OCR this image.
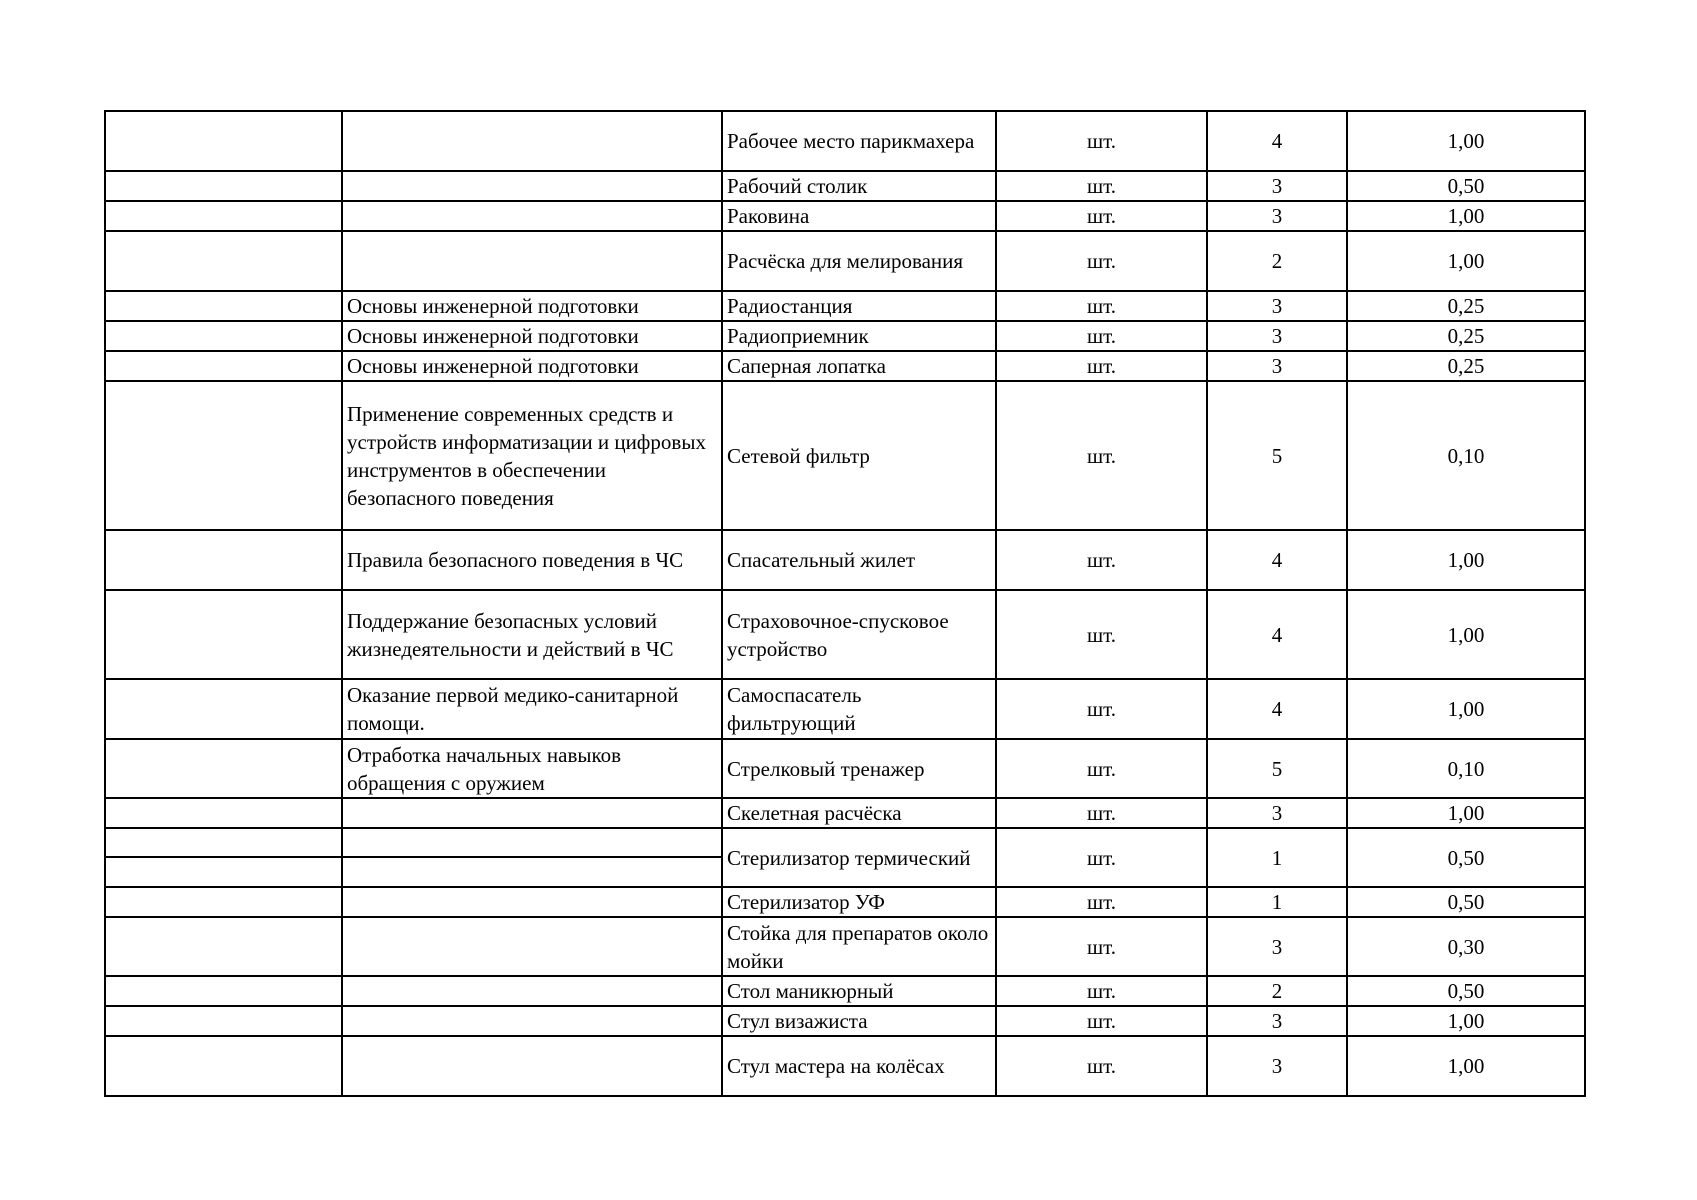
		Рабочее место парикмахера	шт.	4	1,00
		Рабочий столик	шт.	3	0,50
		Раковина	шт.	3	1,00
		Расчёска для мелирования	шт.	2	1,00
	Основы инженерной подготовки	Радиостанция	шт.	3	0,25
	Основы инженерной подготовки	Радиоприемник	шт.	3	0,25
	Основы инженерной подготовки	Саперная лопатка	шт.	3	0,25
	Применение современных средств и устройств информатизации и цифровых инструментов в обеспечении безопасного поведения	Сетевой фильтр	шт.	5	0,10
	Правила безопасного поведения в ЧС	Спасательный жилет	шт.	4	1,00
	Поддержание безопасных условий жизнедеятельности и действий в ЧС	Страховочное-спусковое устройство	шт.	4	1,00
	Оказание первой медико-санитарной помощи.	Самоспасатель фильтрующий	шт.	4	1,00
	Отработка начальных навыков обращения с оружием	Стрелковый тренажер	шт.	5	0,10
		Скелетная расчёска	шт.	3	1,00
		Стерилизатор термический	шт.	1	0,50

		Стерилизатор УФ	шт.	1	0,50
		Стойка для препаратов около мойки	шт.	3	0,30
		Стол маникюрный	шт.	2	0,50
		Стул визажиста	шт.	3	1,00
		Стул мастера на колёсах	шт.	3	1,00
